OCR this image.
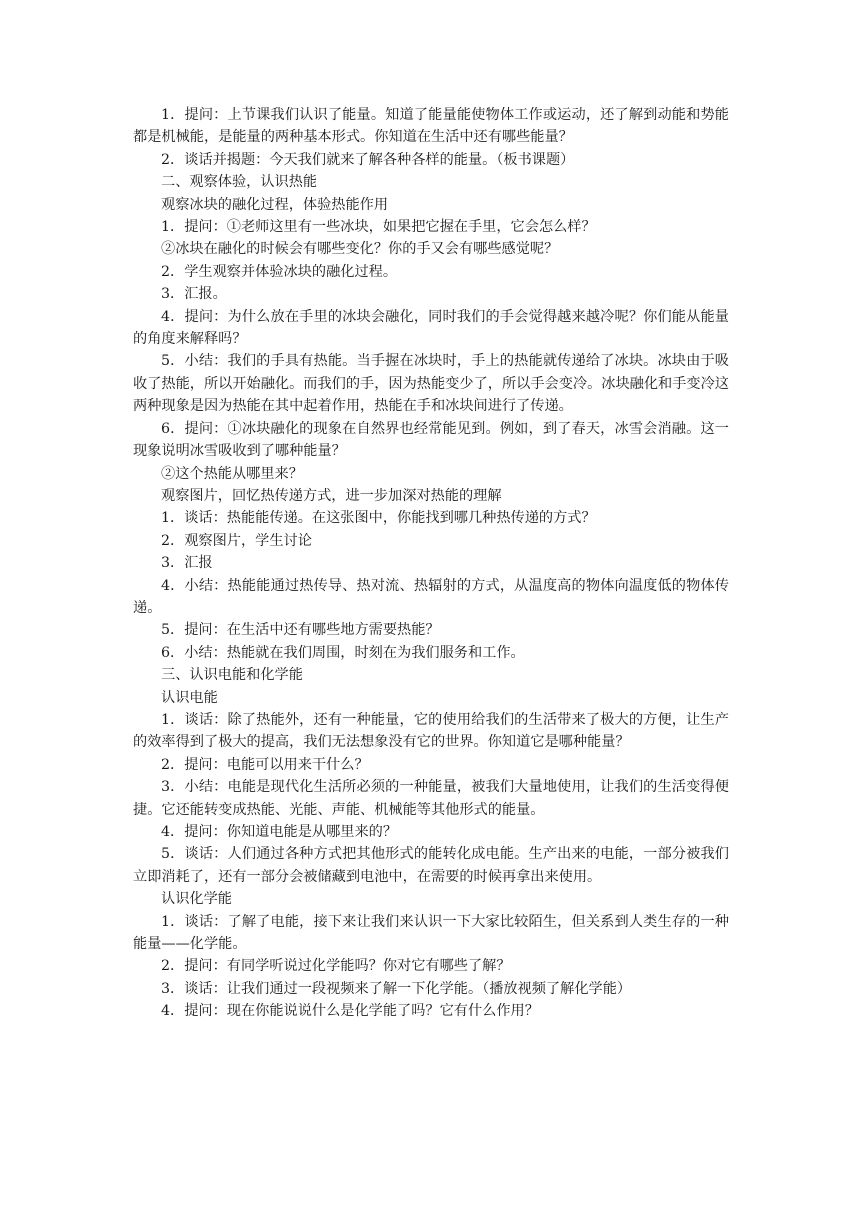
1．提问：上节课我们认识了能量。知道了能量能使物体工作或运动，还了解到动能和势能都是机械能，是能量的两种基本形式。你知道在生活中还有哪些能量？

2．谈话并揭题：今天我们就来了解各种各样的能量。（板书课题）

二、观察体验，认识热能

观察冰块的融化过程，体验热能作用

1．提问：①老师这里有一些冰块，如果把它握在手里，它会怎么样？

②冰块在融化的时候会有哪些变化？你的手又会有哪些感觉呢？

2．学生观察并体验冰块的融化过程。

3．汇报。

4．提问：为什么放在手里的冰块会融化，同时我们的手会觉得越来越冷呢？你们能从能量的角度来解释吗？

5．小结：我们的手具有热能。当手握在冰块时，手上的热能就传递给了冰块。冰块由于吸收了热能，所以开始融化。而我们的手，因为热能变少了，所以手会变冷。冰块融化和手变冷这两种现象是因为热能在其中起着作用，热能在手和冰块间进行了传递。

6．提问：①冰块融化的现象在自然界也经常能见到。例如，到了春天，冰雪会消融。这一现象说明冰雪吸收到了哪种能量？

②这个热能从哪里来？

观察图片，回忆热传递方式，进一步加深对热能的理解

1．谈话：热能能传递。在这张图中，你能找到哪几种热传递的方式？

2．观察图片，学生讨论

3．汇报

4．小结：热能能通过热传导、热对流、热辐射的方式，从温度高的物体向温度低的物体传递。

5．提问：在生活中还有哪些地方需要热能？

6．小结：热能就在我们周围，时刻在为我们服务和工作。

三、认识电能和化学能

认识电能

1．谈话：除了热能外，还有一种能量，它的使用给我们的生活带来了极大的方便，让生产的效率得到了极大的提高，我们无法想象没有它的世界。你知道它是哪种能量？

2．提问：电能可以用来干什么？

3．小结：电能是现代化生活所必须的一种能量，被我们大量地使用，让我们的生活变得便捷。它还能转变成热能、光能、声能、机械能等其他形式的能量。

4．提问：你知道电能是从哪里来的？

5．谈话：人们通过各种方式把其他形式的能转化成电能。生产出来的电能，一部分被我们立即消耗了，还有一部分会被储藏到电池中，在需要的时候再拿出来使用。

认识化学能

1．谈话：了解了电能，接下来让我们来认识一下大家比较陌生，但关系到人类生存的一种能量——化学能。

2．提问：有同学听说过化学能吗？你对它有哪些了解？

3．谈话：让我们通过一段视频来了解一下化学能。（播放视频了解化学能）

4．提问：现在你能说说什么是化学能了吗？它有什么作用？
